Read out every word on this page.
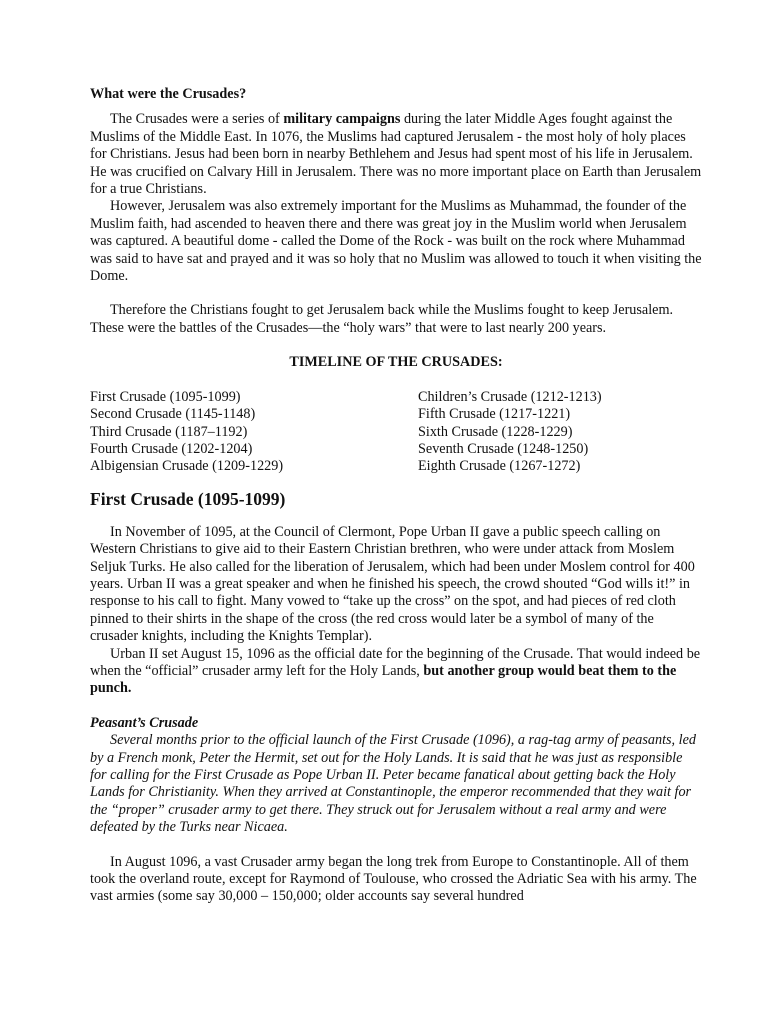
What were the Crusades?

The Crusades were a series of military campaigns during the later Middle Ages fought against the Muslims of the Middle East. In 1076, the Muslims had captured Jerusalem - the most holy of holy places for Christians. Jesus had been born in nearby Bethlehem and Jesus had spent most of his life in Jerusalem. He was crucified on Calvary Hill in Jerusalem. There was no more important place on Earth than Jerusalem for a true Christians.

However, Jerusalem was also extremely important for the Muslims as Muhammad, the founder of the Muslim faith, had ascended to heaven there and there was great joy in the Muslim world when Jerusalem was captured. A beautiful dome - called the Dome of the Rock - was built on the rock where Muhammad was said to have sat and prayed and it was so holy that no Muslim was allowed to touch it when visiting the Dome.

Therefore the Christians fought to get Jerusalem back while the Muslims fought to keep Jerusalem. These were the battles of the Crusades—the “holy wars” that were to last nearly 200 years.

TIMELINE OF THE CRUSADES:
First Crusade (1095-1099)
Second Crusade (1145-1148)
Third Crusade (1187–1192)
Fourth Crusade (1202-1204)
Albigensian Crusade (1209-1229)
Children’s Crusade (1212-1213)
Fifth Crusade (1217-1221)
Sixth Crusade (1228-1229)
Seventh Crusade (1248-1250)
Eighth Crusade (1267-1272)
First Crusade (1095-1099)

In November of 1095, at the Council of Clermont, Pope Urban II gave a public speech calling on Western Christians to give aid to their Eastern Christian brethren, who were under attack from Moslem Seljuk Turks. He also called for the liberation of Jerusalem, which had been under Moslem control for 400 years. Urban II was a great speaker and when he finished his speech, the crowd shouted “God wills it!” in response to his call to fight. Many vowed to “take up the cross” on the spot, and had pieces of red cloth pinned to their shirts in the shape of the cross (the red cross would later be a symbol of many of the crusader knights, including the Knights Templar).

Urban II set August 15, 1096 as the official date for the beginning of the Crusade. That would indeed be when the “official” crusader army left for the Holy Lands, but another group would beat them to the punch.

Peasant’s Crusade

Several months prior to the official launch of the First Crusade (1096), a rag-tag army of peasants, led by a French monk, Peter the Hermit, set out for the Holy Lands. It is said that he was just as responsible for calling for the First Crusade as Pope Urban II. Peter became fanatical about getting back the Holy Lands for Christianity. When they arrived at Constantinople, the emperor recommended that they wait for the “proper” crusader army to get there. They struck out for Jerusalem without a real army and were defeated by the Turks near Nicaea.

In August 1096, a vast Crusader army began the long trek from Europe to Constantinople. All of them took the overland route, except for Raymond of Toulouse, who crossed the Adriatic Sea with his army. The vast armies (some say 30,000 – 150,000; older accounts say several hundred
